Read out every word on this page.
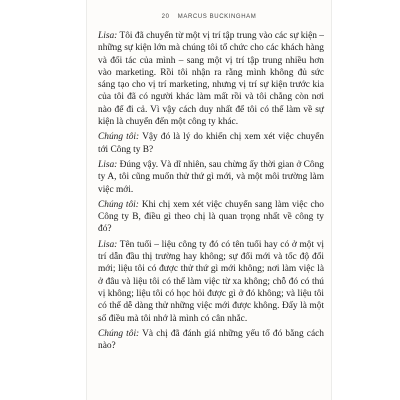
20 MARCUS BUCKINGHAM

Lisa: Tôi đã chuyển từ một vị trí tập trung vào các sự kiện – những sự kiện lớn mà chúng tôi tổ chức cho các khách hàng và đối tác của mình – sang một vị trí tập trung nhiều hơn vào marketing. Rồi tôi nhận ra rằng mình không đủ sức sáng tạo cho vị trí marketing, nhưng vị trí sự kiện trước kia của tôi đã có người khác làm mất rồi và tôi chẳng còn nơi nào để đi cả. Vì vậy cách duy nhất để tôi có thể làm về sự kiện là chuyển đến một công ty khác.

Chúng tôi: Vậy đó là lý do khiến chị xem xét việc chuyển tới Công ty B?

Lisa: Đúng vậy. Và dĩ nhiên, sau chừng ấy thời gian ở Công ty A, tôi cũng muốn thử thứ gì mới, và một môi trường làm việc mới.

Chúng tôi: Khi chị xem xét việc chuyển sang làm việc cho Công ty B, điều gì theo chị là quan trọng nhất về công ty đó?

Lisa: Tên tuổi – liệu công ty đó có tên tuổi hay có ở một vị trí dẫn đầu thị trường hay không; sự đổi mới và tốc độ đổi mới; liệu tôi có được thử thứ gì mới không; nơi làm việc là ở đâu và liệu tôi có thể làm việc từ xa không; chỗ đó có thú vị không; liệu tôi có học hỏi được gì ở đó không; và liệu tôi có thể dễ dàng thử những việc mới được không. Đấy là một số điều mà tôi nhớ là mình có cân nhắc.

Chúng tôi: Và chị đã đánh giá những yếu tố đó bằng cách nào?
